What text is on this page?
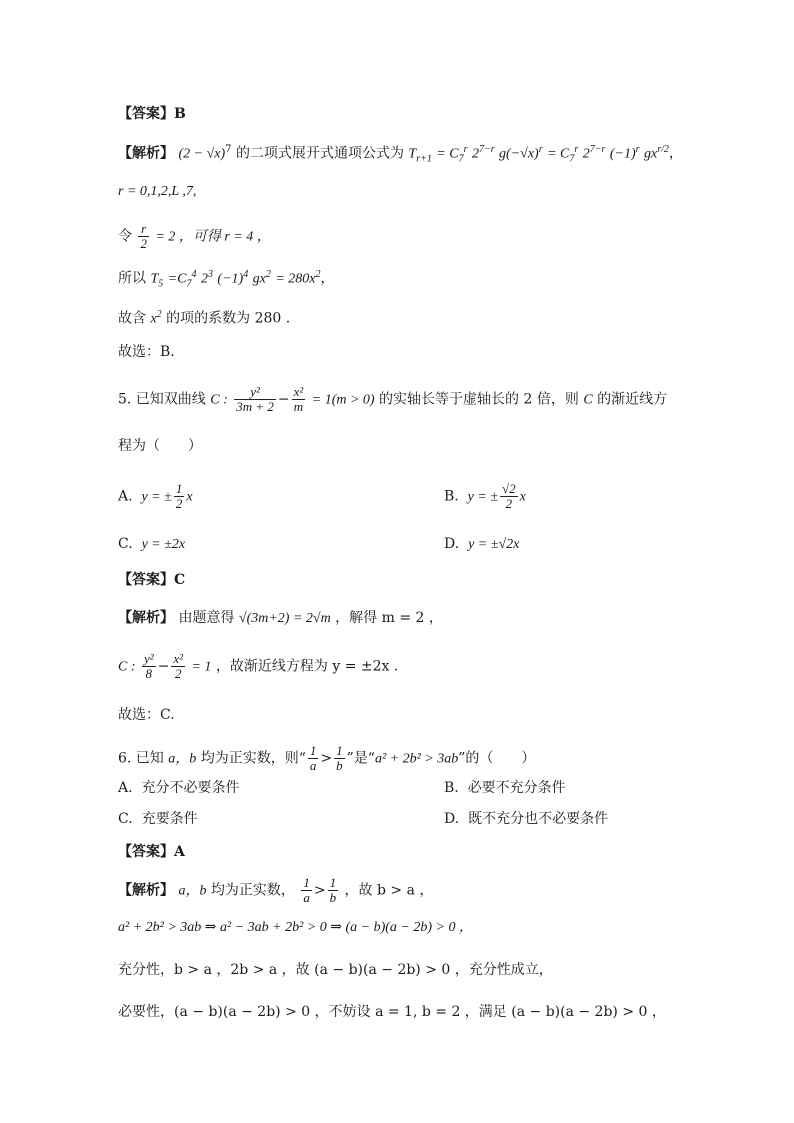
【答案】B
【解析】 $(2 - √x)^7$ 的二项式展开式通项公式为 $T_{r+1} = C_7^r$ $2^{7-r}$ $g(-√x)^r = C_7^r$ $2^{7-r}$ $(-1)^r$ $gx^{r/2}$，
r = 0,1,2,L ,7,
令 $\frac{r}{2} = 2$ ，可得 r = 4 ，
所以 $T_5 =C_7^4$ $2^3$ $(-1)^4$ $gx^2 = 280x^2$，
故含 $x^2$ 的项的系数为 280 .
故选：B.
5. 已知双曲线 C : $\frac{\text{y²}}{3m + 2} - \frac{\text{x²}}{m} = 1(m > 0)$ 的实轴长等于虚轴长的 2 倍，则 C 的渐近线方
程为（　　）
A. y = ± $\frac{1}{2}$ x	B. y = ± $\frac{√2}{2}$ x
C. y = ±2x	D. y = ±√2x
【答案】C
【解析】 由题意得 √(3m+2) = 2√m ，解得 m = 2 ，
C : $\frac{\text{y²}}{8} - \frac{\text{x²}}{2} = 1$ ，故渐近线方程为 y = ±2x .
故选：C.
6. 已知 a，b 均为正实数，则“ $\frac{1}{a} > \frac{1}{b}$ ”是“a² + 2b² > 3ab”的（　　）
A. 充分不必要条件	B. 必要不充分条件
C. 充要条件	D. 既不充分也不必要条件
【答案】A
【解析】 a，b 均为正实数， $\frac{1}{a} > \frac{1}{b}$ ，故 b > a ，
a² + 2b² > 3ab ⇒ a² − 3ab + 2b² > 0 ⇒ (a − b)(a − 2b) > 0 ，
充分性，b > a ，2b > a ，故 (a − b)(a − 2b) > 0 ，充分性成立，
必要性，(a − b)(a − 2b) > 0 ，不妨设 a = 1, b = 2 ，满足 (a − b)(a − 2b) > 0 ，
